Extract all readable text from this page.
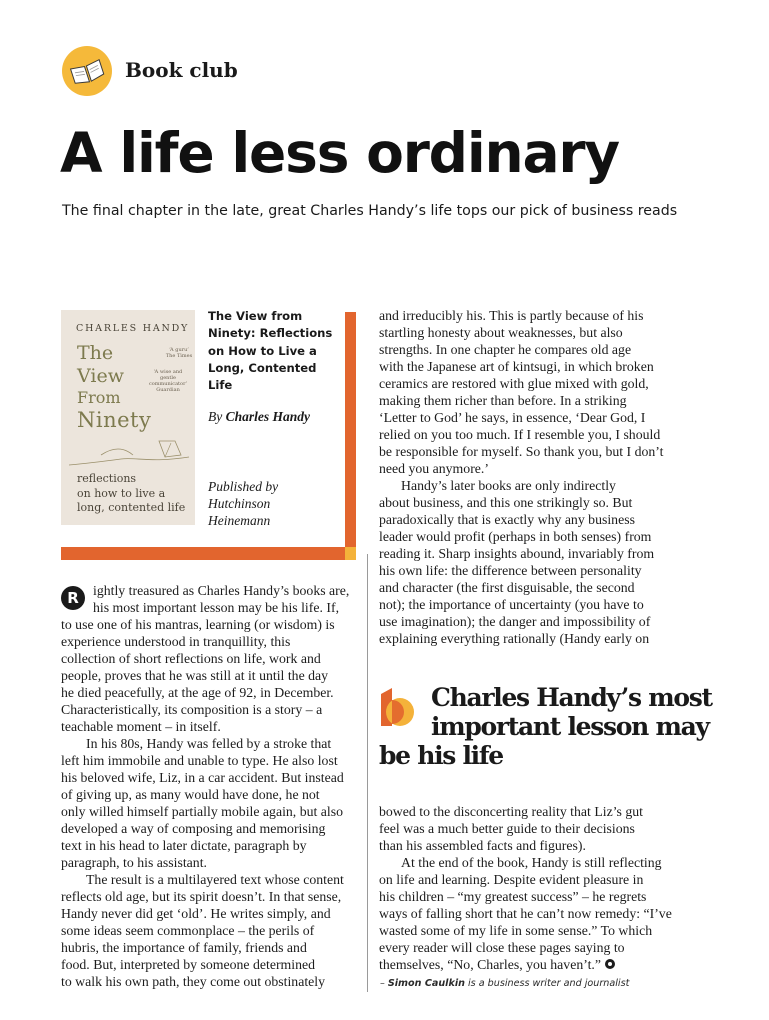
Book club
A life less ordinary
The final chapter in the late, great Charles Handy’s life tops our pick of business reads
CHARLES HANDY
The
View
From
Ninety
‘A guru’ The Times
‘A wise and gentle communicator’ Guardian
reflections
on how to live a
long, contented life
The View from Ninety: Reflections on How to Live a Long, Contented Life
By Charles Handy
Published by
Hutchinson
Heinemann
R	ightly treasured as Charles Handy’s books are,
his most important lesson may be his life. If,
to use one of his mantras, learning (or wisdom) is
experience understood in tranquillity, this
collection of short reflections on life, work and
people, proves that he was still at it until the day
he died peacefully, at the age of 92, in December.
Characteristically, its composition is a story – a
teachable moment – in itself.
In his 80s, Handy was felled by a stroke that
left him immobile and unable to type. He also lost
his beloved wife, Liz, in a car accident. But instead
of giving up, as many would have done, he not
only willed himself partially mobile again, but also
developed a way of composing and memorising
text in his head to later dictate, paragraph by
paragraph, to his assistant.
The result is a multilayered text whose content
reflects old age, but its spirit doesn’t. In that sense,
Handy never did get ‘old’. He writes simply, and
some ideas seem commonplace – the perils of
hubris, the importance of family, friends and
food. But, interpreted by someone determined
to walk his own path, they come out obstinately
and irreducibly his. This is partly because of his
startling honesty about weaknesses, but also
strengths. In one chapter he compares old age
with the Japanese art of kintsugi, in which broken
ceramics are restored with glue mixed with gold,
making them richer than before. In a striking
‘Letter to God’ he says, in essence, ‘Dear God, I
relied on you too much. If I resemble you, I should
be responsible for myself. So thank you, but I don’t
need you anymore.’
Handy’s later books are only indirectly
about business, and this one strikingly so. But
paradoxically that is exactly why any business
leader would profit (perhaps in both senses) from
reading it. Sharp insights abound, invariably from
his own life: the difference between personality
and character (the first disguisable, the second
not); the importance of uncertainty (you have to
use imagination); the danger and impossibility of
explaining everything rationally (Handy early on
Charles Handy’s most
important lesson may
be his life
bowed to the disconcerting reality that Liz’s gut
feel was a much better guide to their decisions
than his assembled facts and figures).
At the end of the book, Handy is still reflecting
on life and learning. Despite evident pleasure in
his children – “my greatest success” – he regrets
ways of falling short that he can’t now remedy: “I’ve
wasted some of my life in some sense.” To which
every reader will close these pages saying to
themselves, “No, Charles, you haven’t.”
– Simon Caulkin is a business writer and journalist
